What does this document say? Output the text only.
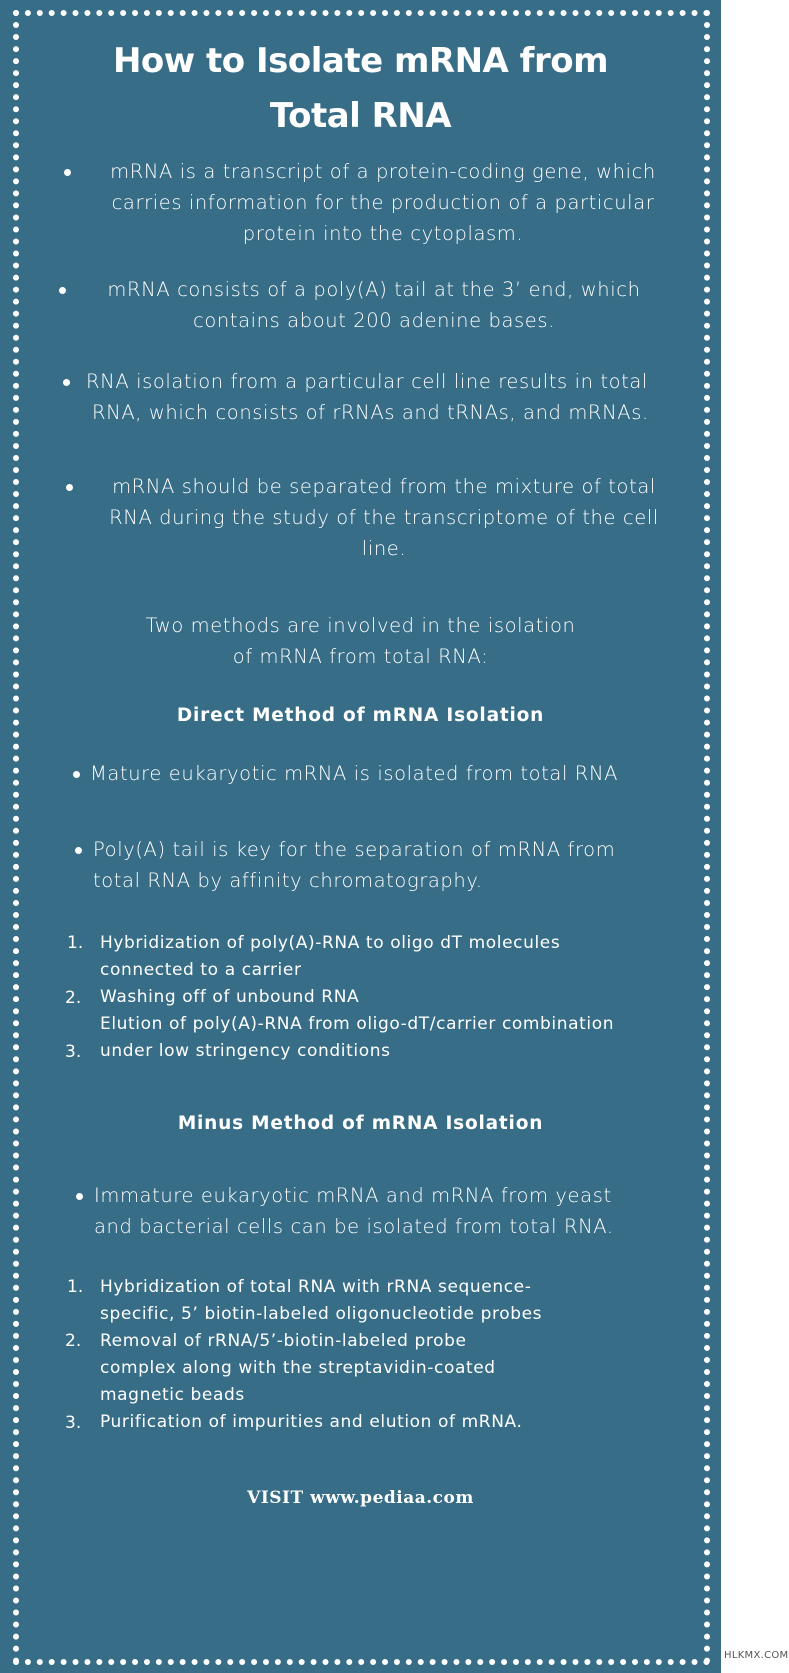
How to Isolate mRNA from
Total RNA
mRNA is a transcript of a protein-coding gene, which
carries information for the production of a particular
protein into the cytoplasm.
mRNA consists of a poly(A) tail at the 3’ end, which
contains about 200 adenine bases.
RNA isolation from a particular cell line results in total
RNA, which consists of rRNAs and tRNAs, and mRNAs.
mRNA should be separated from the mixture of total
RNA during the study of the transcriptome of the cell
line.
Two methods are involved in the isolation
of mRNA from total RNA:
Direct Method of mRNA Isolation
Mature eukaryotic mRNA is isolated from total RNA
Poly(A) tail is key for the separation of mRNA from
total RNA by affinity chromatography.
1.
2.
3.
Hybridization of poly(A)-RNA to oligo dT molecules
connected to a carrier
Washing off of unbound RNA
Elution of poly(A)-RNA from oligo-dT/carrier combination
under low stringency conditions
Minus Method of mRNA Isolation
Immature eukaryotic mRNA and mRNA from yeast
and bacterial cells can be isolated from total RNA.
1.
2.
3.
Hybridization of total RNA with rRNA sequence-
specific, 5’ biotin-labeled oligonucleotide probes
Removal of rRNA/5’-biotin-labeled probe
complex along with the streptavidin-coated
magnetic beads
Purification of impurities and elution of mRNA.
VISIT www.pediaa.com
HLKMX.COM
